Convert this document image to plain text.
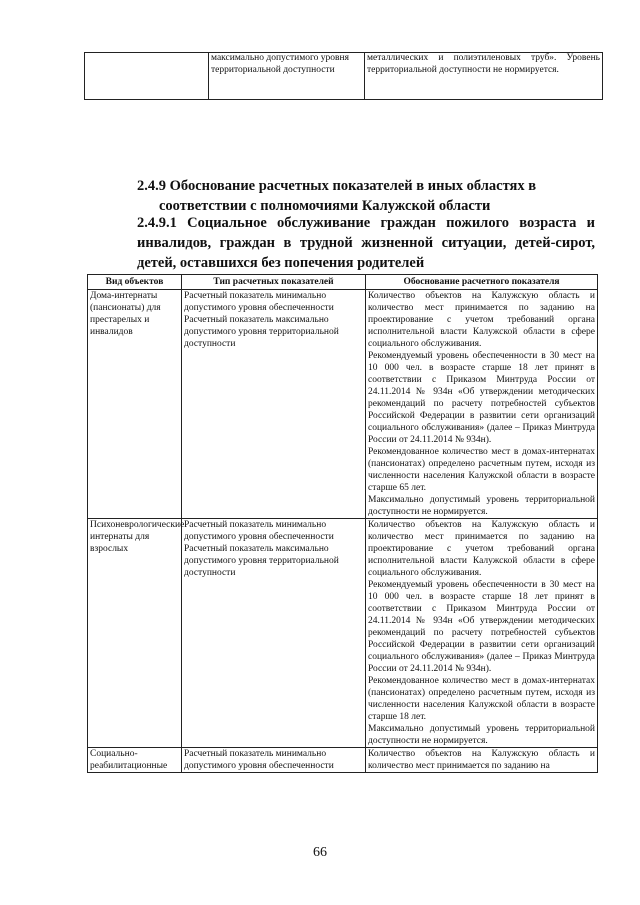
	максимально допустимого уровня территориальной доступности	металлических и полиэтиленовых труб». Уровень территориальной доступности не нормируется.
2.4.9 Обоснование расчетных показателей в иных областях в
соответствии с полномочиями Калужской области
2.4.9.1 Социальное обслуживание граждан пожилого возраста и инвалидов, граждан в трудной жизненной ситуации, детей-сирот, детей, оставшихся без попечения родителей
Вид объектов	Тип расчетных показателей	Обоснование расчетного показателя
Дома-интернаты (пансионаты) для престарелых и инвалидов	Расчетный показатель минимально допустимого уровня обеспеченности Расчетный показатель максимально допустимого уровня территориальной доступности	Количество объектов на Калужскую область и количество мест принимается по заданию на проектирование с учетом требований органа исполнительной власти Калужской области в сфере социального обслуживания.
Рекомендуемый уровень обеспеченности в 30 мест на 10 000 чел. в возрасте старше 18 лет принят в соответствии с Приказом Минтруда России от 24.11.2014 № 934н «Об утверждении методических рекомендаций по расчету потребностей субъектов Российской Федерации в развитии сети организаций социального обслуживания» (далее – Приказ Минтруда России от 24.11.2014 № 934н).
Рекомендованное количество мест в домах-интернатах (пансионатах) определено расчетным путем, исходя из численности населения Калужской области в возрасте старше 65 лет.
Максимально допустимый уровень территориальной доступности не нормируется.

Психоневрологические интернаты для взрослых	Расчетный показатель минимально допустимого уровня обеспеченности Расчетный показатель максимально допустимого уровня территориальной доступности	Количество объектов на Калужскую область и количество мест принимается по заданию на проектирование с учетом требований органа исполнительной власти Калужской области в сфере социального обслуживания.
Рекомендуемый уровень обеспеченности в 30 мест на 10 000 чел. в возрасте старше 18 лет принят в соответствии с Приказом Минтруда России от 24.11.2014 № 934н «Об утверждении методических рекомендаций по расчету потребностей субъектов Российской Федерации в развитии сети организаций социального обслуживания» (далее – Приказ Минтруда России от 24.11.2014 № 934н).
Рекомендованное количество мест в домах-интернатах (пансионатах) определено расчетным путем, исходя из численности населения Калужской области в возрасте старше 18 лет.
Максимально допустимый уровень территориальной доступности не нормируется.

Социально-реабилитационные	Расчетный показатель минимально допустимого уровня обеспеченности	Количество объектов на Калужскую область и количество мест принимается по заданию на
66
